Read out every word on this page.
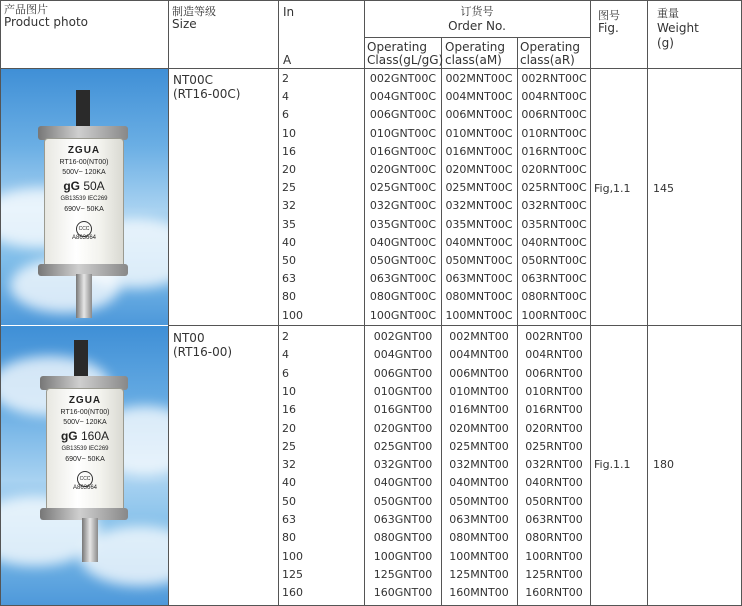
ZGUA
RT16-00(NT00)
500V~ 120KA
gG 50A
GB13539 IEC269
690V~ 50KA
CCC
A863664
ZGUA
RT16-00(NT00)
500V~ 120KA
gG 160A
GB13539 IEC269
690V~ 50KA
CCC
A863664
产品图片
Product photo
制造等级
Size
In
A
订货号
Order No.
Operating
Class(gL/gG)
Operating
class(aM)
Operating
class(aR)
图号
Fig.
重量
Weight
(g)
NT00C
(RT16-00C)
Fig,1.1 145
2	002GNT00C 002MNT00C 002RNT00C
4	004GNT00C 004MNT00C 004RNT00C
6	006GNT00C 006MNT00C 006RNT00C
10	010GNT00C 010MNT00C 010RNT00C
16	016GNT00C 016MNT00C 016RNT00C
20	020GNT00C 020MNT00C 020RNT00C
25	025GNT00C 025MNT00C 025RNT00C
32	032GNT00C 032MNT00C 032RNT00C
35	035GNT00C 035MNT00C 035RNT00C
40	040GNT00C 040MNT00C 040RNT00C
50	050GNT00C 050MNT00C 050RNT00C
63	063GNT00C 063MNT00C 063RNT00C
80	080GNT00C 080MNT00C 080RNT00C
100	100GNT00C 100MNT00C 100RNT00C
NT00
(RT16-00)
Fig.1.1 180
2	002GNT00	002MNT00	002RNT00
4	004GNT00	004MNT00	004RNT00
6	006GNT00	006MNT00	006RNT00
10	010GNT00	010MNT00	010RNT00
16	016GNT00	016MNT00	016RNT00
20	020GNT00	020MNT00	020RNT00
25	025GNT00	025MNT00	025RNT00
32	032GNT00	032MNT00	032RNT00
40	040GNT00	040MNT00	040RNT00
50	050GNT00	050MNT00	050RNT00
63	063GNT00	063MNT00	063RNT00
80	080GNT00	080MNT00	080RNT00
100	100GNT00	100MNT00	100RNT00
125	125GNT00	125MNT00	125RNT00
160	160GNT00	160MNT00	160RNT00
